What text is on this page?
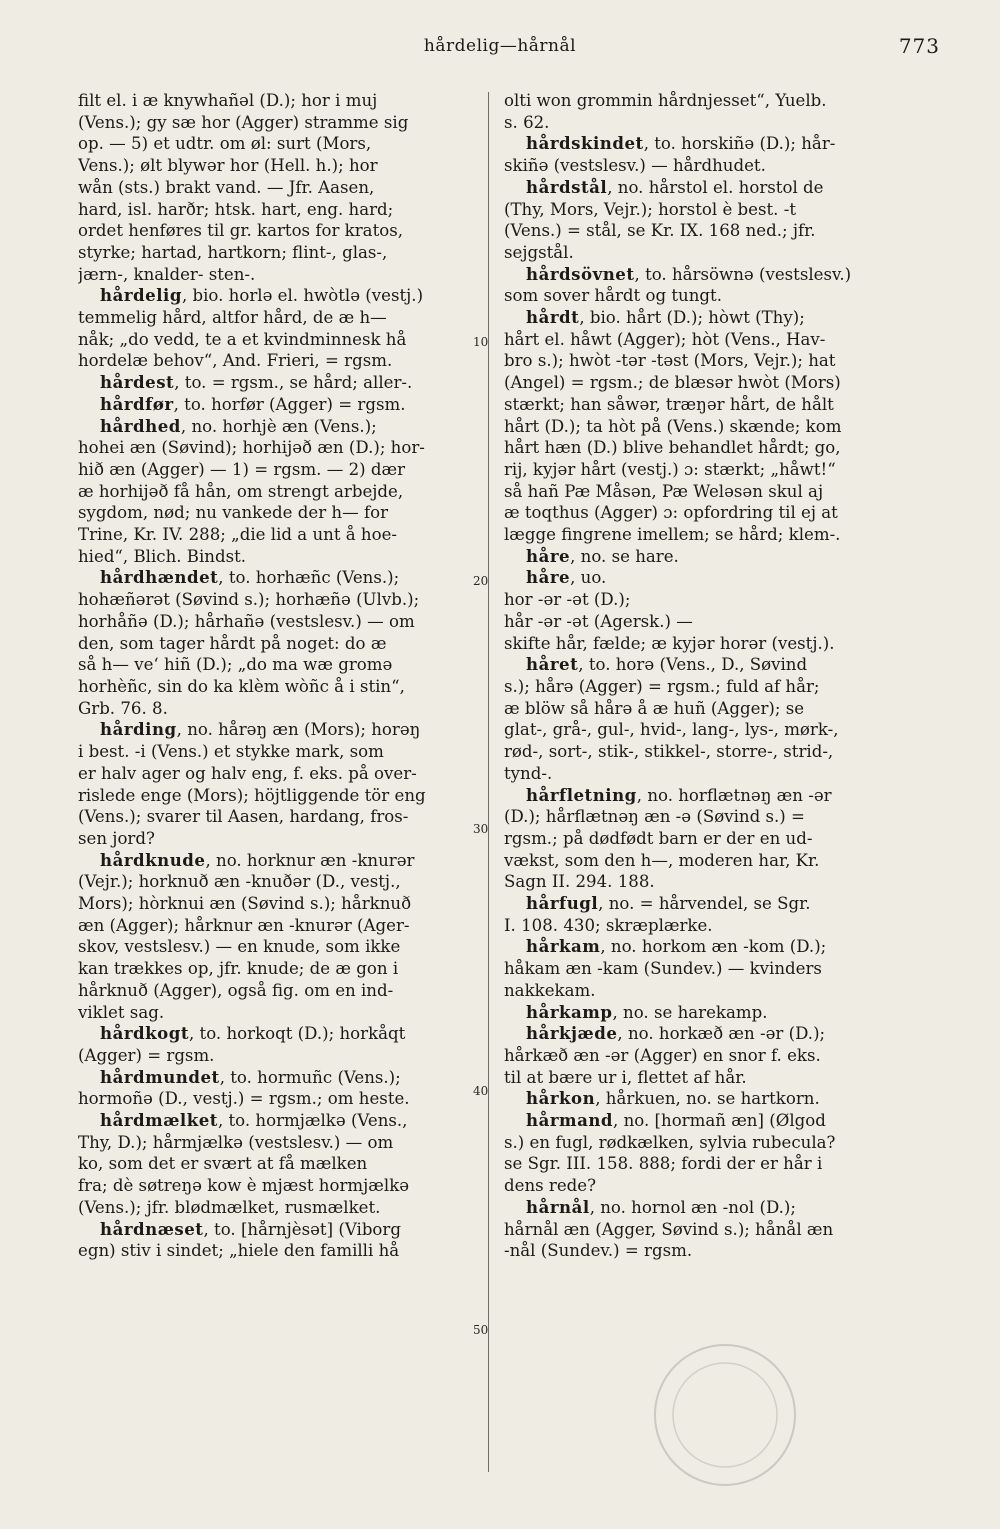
hårdelig—hårnål	773
filt el. i æ knywhañəl (D.); hor i muj
(Vens.); gy sæ hor (Agger) stramme sig
op. — 5) et udtr. om øl: surt (Mors,
Vens.); ølt blywər hor (Hell. h.); hor
wån (sts.) brakt vand. — Jfr. Aasen,
hard, isl. harðr; htsk. hart, eng. hard;
ordet henføres til gr. kartos for kratos,
styrke; hartad, hartkorn; flint-, glas-,
jærn-, knalder- sten-.
hårdelig, bio. horlə el. hwòtlə (vestj.)
temmelig hård, altfor hård, de æ h—
nåk; „do vedd, te a et kvindminnesk hå
hordelæ behov“, And. Frieri, = rgsm.
hårdest, to. = rgsm., se hård; aller-.
hårdfør, to. horfør (Agger) = rgsm.
hårdhed, no. horhjè æn (Vens.);
hohei æn (Søvind); horhijəð æn (D.); hor-
hið æn (Agger) — 1) = rgsm. — 2) dær
æ horhijəð få hån, om strengt arbejde,
sygdom, nød; nu vankede der h— for
Trine, Kr. IV. 288; „die lid a unt å hoe-
hied“, Blich. Bindst.
hårdhændet, to. horhæñc (Vens.);
hohæñərət (Søvind s.); horhæñə (Ulvb.);
horhåñə (D.); hårhañə (vestslesv.) — om
den, som tager hårdt på noget: do æ
så h— ve‘ hiñ (D.); „do ma wæ gromə
horhèñc, sin do ka klèm wòñc å i stin“,
Grb. 76. 8.
hårding, no. hårəŋ æn (Mors); horəŋ
i best. -i (Vens.) et stykke mark, som
er halv ager og halv eng, f. eks. på over-
rislede enge (Mors); höjtliggende tör eng
(Vens.); svarer til Aasen, hardang, fros-
sen jord?
hårdknude, no. horknur æn -knurər
(Vejr.); horknuð æn -knuðər (D., vestj.,
Mors); hòrknui æn (Søvind s.); hårknuð
æn (Agger); hårknur æn -knurər (Ager-
skov, vestslesv.) — en knude, som ikke
kan trækkes op, jfr. knude; de æ gon i
hårknuð (Agger), også fig. om en ind-
viklet sag.
hårdkogt, to. horkoqt (D.); horkåqt
(Agger) = rgsm.
hårdmundet, to. hormuñc (Vens.);
hormoñə (D., vestj.) = rgsm.; om heste.
hårdmælket, to. hormjælkə (Vens.,
Thy, D.); hårmjælkə (vestslesv.) — om
ko, som det er svært at få mælken
fra; dè søtreŋə kow è mjæst hormjælkə
(Vens.); jfr. blødmælket, rusmælket.
hårdnæset, to. [hårnjèsət] (Viborg
egn) stiv i sindet; „hiele den familli hå
olti won grommin hårdnjesset“, Yuelb.
s. 62.
hårdskindet, to. horskiñə (D.); hår-
skiñə (vestslesv.) — hårdhudet.
hårdstål, no. hårstol el. horstol de
(Thy, Mors, Vejr.); horstol è best. -t
(Vens.) = stål, se Kr. IX. 168 ned.; jfr.
sejgstål.
hårdsövnet, to. hårsöwnə (vestslesv.)
som sover hårdt og tungt.
hårdt, bio. hårt (D.); hòwt (Thy);
hårt el. håwt (Agger); hòt (Vens., Hav-
bro s.); hwòt -tər -təst (Mors, Vejr.); hat
(Angel) = rgsm.; de blæsər hwòt (Mors)
stærkt; han såwər, træŋər hårt, de hålt
hårt (D.); ta hòt på (Vens.) skænde; kom
hårt hæn (D.) blive behandlet hårdt; go,
rij, kyjər hårt (vestj.) ɔ: stærkt; „håwt!“
så hañ Pæ Måsən, Pæ Weləsən skul aj
æ toqthus (Agger) ɔ: opfordring til ej at
lægge fingrene imellem; se hård; klem-.
håre, no. se hare.
håre, uo.
hor -ər -ət (D.);
hår -ər -ət (Agersk.) —
skifte hår, fælde; æ kyjər horər (vestj.).
håret, to. horə (Vens., D., Søvind
s.); hårə (Agger) = rgsm.; fuld af hår;
æ blöw så hårə å æ huñ (Agger); se
glat-, grå-, gul-, hvid-, lang-, lys-, mørk-,
rød-, sort-, stik-, stikkel-, storre-, strid-,
tynd-.
hårfletning, no. horflætnəŋ æn -ər
(D.); hårflætnəŋ æn -ə (Søvind s.) =
rgsm.; på dødfødt barn er der en ud-
vækst, som den h—, moderen har, Kr.
Sagn II. 294. 188.
hårfugl, no. = hårvendel, se Sgr.
I. 108. 430; skræplærke.
hårkam, no. horkom æn -kom (D.);
håkam æn -kam (Sundev.) — kvinders
nakkekam.
hårkamp, no. se harekamp.
hårkjæde, no. horkæð æn -ər (D.);
hårkæð æn -ər (Agger) en snor f. eks.
til at bære ur i, flettet af hår.
hårkon, hårkuen, no. se hartkorn.
hårmand, no. [hormañ æn] (Ølgod
s.) en fugl, rødkælken, sylvia rubecula?
se Sgr. III. 158. 888; fordi der er hår i
dens rede?
hårnål, no. hornol æn -nol (D.);
hårnål æn (Agger, Søvind s.); hånål æn
-nål (Sundev.) = rgsm.
10
20
30
40
50
